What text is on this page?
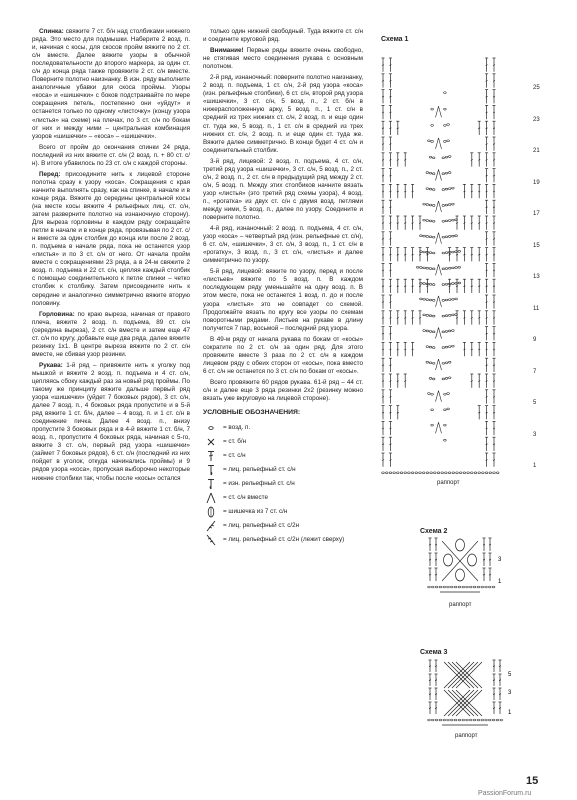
Спинка: свяжите 7 ст. б/н над столбиками нижнего ряда. Это место для подмышки. Наберите 2 возд. п. и, начиная с косы, для скосов пройм вяжите по 2 ст. с/н вместе. Далее вяжите узоры в обычной последовательности до второго маркера, за один ст. с/н до конца ряда также провяжите 2 ст. с/н вместе. Поверните полотно наизнанку. В изн. ряду выполните аналогичные убавки для скоса проймы. Узоры «коса» и «шишечки» с боков подстраивайте по мере сокращения петель, постепенно они «уйдут» и останется только по одному «листочку» (концу узора «листья» на схеме) на плечах, по 3 ст. с/н по бокам от них и между ними – центральная комбинация узоров «шишечки» – «коса» – «шишечки».

Всего от пройм до окончания спинки 24 ряда, последний из них вяжите ст. с/н (2 возд. п. + 80 ст. с/н). В итоге убавилось по 23 ст. с/н с каждой стороны.

Перед: присоедините нить к лицевой стороне полотна сразу к узору «коса». Сокращения с края начните выполнять сразу, как на спинке, в начале и в конце ряда. Вяжите до середины центральной косы (на месте косы вяжите 4 рельефных лиц. ст. с/н, затем разверните полотно на изнаночную сторону). Для выреза горловины в каждом ряду сокращайте петли в начале и в конце ряда, провязывая по 2 ст. с/н вместе за один столбик до конца или после 2 возд. п. подъема в начале ряда, пока не останется узор «листья» и по 3 ст. с/н от него. От начала пройм вместе с сокращениями 23 ряда, а в 24-м свяжите 2 возд. п. подъема и 22 ст. с/н, цепляя каждый столбик с помощью соединительного к петле спинки – четко столбик к столбику. Затем присоедините нить к середине и аналогично симметрично вяжите вторую половину.

Горловина: по краю выреза, начиная от правого плеча, вяжите 2 возд. п. подъема, 89 ст. с/н (середина выреза), 2 ст. с/н вместе и затем еще 47 ст. с/н по кругу, добавьте еще два ряда, далее вяжите резинку 1х1. В центре выреза вяжите по 2 ст. с/н вместе, не сбивая узор резинки.

Рукава: 1-й ряд – привяжите нить к уголку под мышкой и вяжите 2 возд. п. подъема и 4 ст. с/н, цепляясь сбоку каждый раз за новый ряд проймы. По такому же принципу вяжите дальше первый ряд узора «шишечки» (уйдет 7 боковых рядов), 3 ст. с/н, далее 7 возд. п., 4 боковых ряда пропустите и в 5-й ряд вяжите 1 ст. б/н, далее – 4 возд. п. и 1 ст. с/н в соединение пичка. Далее 4 возд. п., внизу пропустите 3 боковых ряда и в 4-й вяжите 1 ст. б/н, 7 возд. п., пропустите 4 боковых ряда, начиная с 5-го, вяжите 3 ст. с/н, первый ряд узора «шишечки» (займет 7 боковых рядов), 6 ст. с/н (последний из них пойдет в уголок, откуда начинались проймы) и 9 рядов узора «коса», пропуская выборочно некоторые нижние столбики так, чтобы после «косы» остался

только один нижний свободный. Туда вяжите ст. с/н и соедините круговой ряд.

Внимание! Первые ряды вяжите очень свободно, не стягивая место соединения рукава с основным полотном.

2-й ряд, изнаночный: поверните полотно наизнанку, 2 возд. п. подъема, 1 ст. с/н, 2-й ряд узора «коса» (изн. рельефные столбики), 6 ст. с/н, второй ряд узора «шишечки», 3 ст. с/н, 5 возд. п., 2 ст. б/н в нижерасположенную арку, 5 возд. п., 1 ст. с/н в средний из трех нижних ст. с/н, 2 возд. п. и еще один ст. туда же, 5 возд. п., 1 ст. с/н в средний из трех нижних ст. с/н, 2 возд. п. и еще один ст. туда же. Вяжите далее симметрично. В конце будет 4 ст. с/н и соединительный столбик.

3-й ряд, лицевой: 2 возд. п. подъема, 4 ст. с/н, третий ряд узора «шишечки», 3 ст. с/н, 5 возд. п., 2 ст. с/н, 2 возд. п., 2 ст. с/н в предыдущий ряд между 2 ст. с/н, 5 возд. п. Между этих столбиков начните вязать узор «листья» (это третий ряд схемы узора), 4 возд. п., «рогатка» из двух ст. с/н с двумя возд. петлями между ними, 5 возд. п., далее по узору. Соедините и поверните полотно.

4-й ряд, изнаночный: 2 возд. п. подъема, 4 ст. с/н, узор «коса» – четвертый ряд (изн. рельефные ст. с/н), 6 ст. с/н, «шишечки», 3 ст. с/н, 3 возд. п., 1 ст. с/н в «рогатку», 3 возд. п., 3 ст. с/н, «листья» и далее симметрично по узору.

5-й ряд, лицевой: вяжите по узору, перед и после «листьев» вяжите по 5 возд. п. В каждом последующем ряду уменьшайте на одну возд. п. В этом месте, пока не останется 1 возд. п. до и после узора «листья» это не совпадет со схемой. Продолжайте вязать по кругу все узоры по схемам поворотными рядами. Листьев на рукаве в длину получится 7 пар, восьмой – последний ряд узора.

В 49-м ряду от начала рукава по бокам от «косы» сократите по 2 ст. с/н за один ряд. Для этого провяжите вместе 3 раза по 2 ст. с/н в каждом лицевом ряду с обеих сторон от «косы», пока вместо 6 ст. с/н не останется по 3 ст. с/н по бокам от «косы».

Всего провяжите 60 рядов рукава. 61-й ряд – 44 ст. с/н и далее еще 3 ряда резинки 2х2 (резинку можно вязать уже вкруговую на лицевой стороне).

УСЛОВНЫЕ ОБОЗНАЧЕНИЯ:
= возд. п.
= ст. б/н
= ст. с/н
= лиц. рельефный ст. с/н
= изн. рельефный ст. с/н
= ст. с/н вместе
= шишечка из 7 ст. с/н
= лиц. рельефный ст. с/2н
= лиц. рельефный ст. с/2н (лежит сверху)
Схема 1
25
23
21
19
17
15
13
11
9
7
5
3
1
раппорт
Схема 2
3
1
раппорт
Схема 3
5
3
1
раппорт
15
PassionForum.ru
